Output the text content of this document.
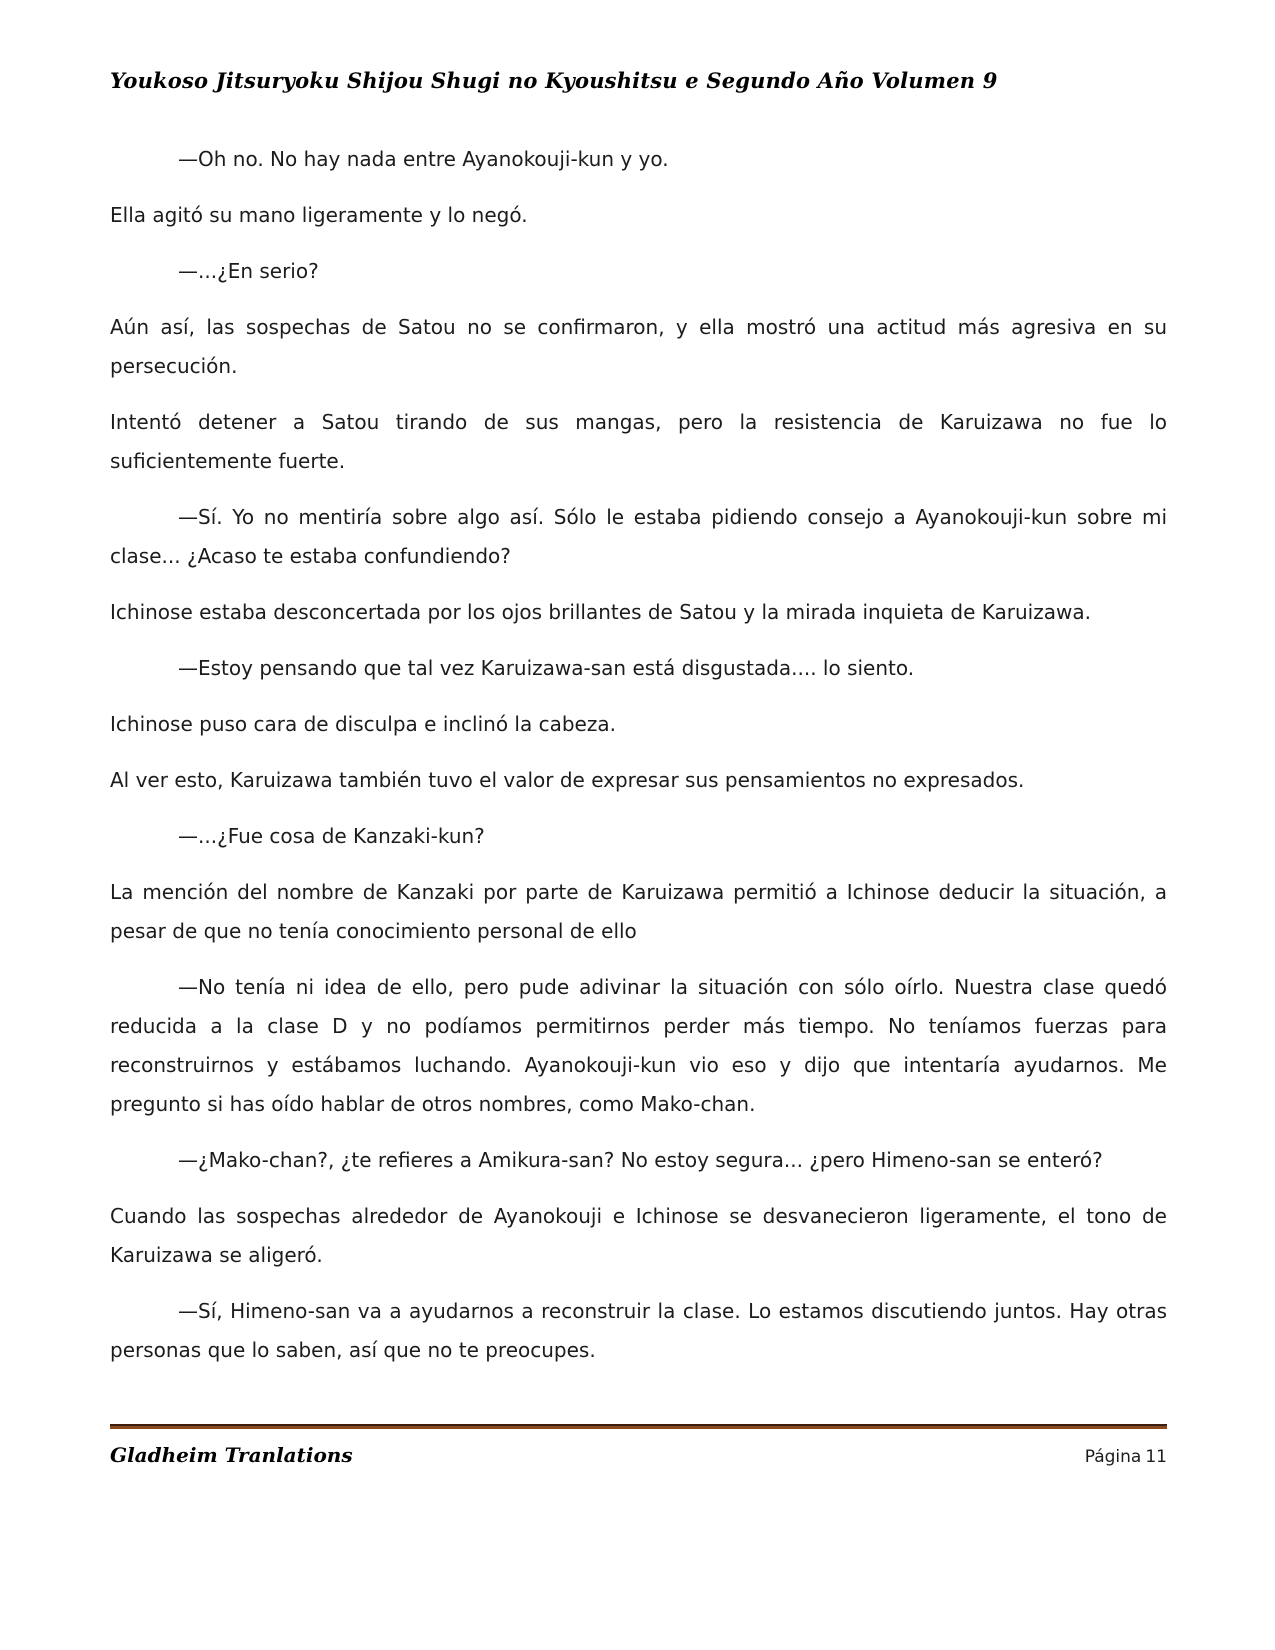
Youkoso Jitsuryoku Shijou Shugi no Kyoushitsu e Segundo Año Volumen 9

—Oh no. No hay nada entre Ayanokouji-kun y yo.

Ella agitó su mano ligeramente y lo negó.

—...¿En serio?

Aún así, las sospechas de Satou no se confirmaron, y ella mostró una actitud más agresiva en su persecución.

Intentó detener a Satou tirando de sus mangas, pero la resistencia de Karuizawa no fue lo suficientemente fuerte.

—Sí. Yo no mentiría sobre algo así. Sólo le estaba pidiendo consejo a Ayanokouji-kun sobre mi clase... ¿Acaso te estaba confundiendo?

Ichinose estaba desconcertada por los ojos brillantes de Satou y la mirada inquieta de Karuizawa.

—Estoy pensando que tal vez Karuizawa-san está disgustada.... lo siento.

Ichinose puso cara de disculpa e inclinó la cabeza.

Al ver esto, Karuizawa también tuvo el valor de expresar sus pensamientos no expresados.

—...¿Fue cosa de Kanzaki-kun?

La mención del nombre de Kanzaki por parte de Karuizawa permitió a Ichinose deducir la situación, a pesar de que no tenía conocimiento personal de ello

—No tenía ni idea de ello, pero pude adivinar la situación con sólo oírlo. Nuestra clase quedó reducida a la clase D y no podíamos permitirnos perder más tiempo. No teníamos fuerzas para reconstruirnos y estábamos luchando. Ayanokouji-kun vio eso y dijo que intentaría ayudarnos. Me pregunto si has oído hablar de otros nombres, como Mako-chan.

—¿Mako-chan?, ¿te refieres a Amikura-san? No estoy segura... ¿pero Himeno-san se enteró?

Cuando las sospechas alrededor de Ayanokouji e Ichinose se desvanecieron ligeramente, el tono de Karuizawa se aligeró.

—Sí, Himeno-san va a ayudarnos a reconstruir la clase. Lo estamos discutiendo juntos. Hay otras personas que lo saben, así que no te preocupes.

Gladheim Tranlations	Página 11
